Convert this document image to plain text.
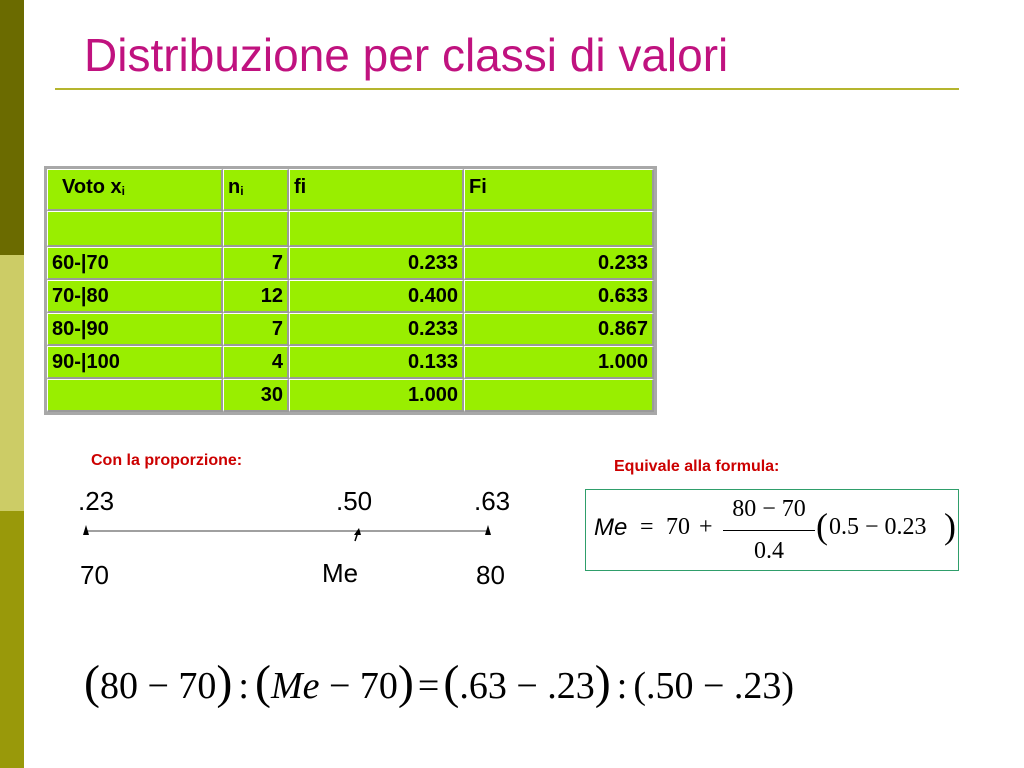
Distribuzione per classi di valori
Voto $x_i$	$n_i$	fi	Fi

60-|70	7	0.233	0.233
70-|80	12	0.400	0.633
80-|90	7	0.233	0.867
90-|100	4	0.133	1.000
	30	1.000	
Con la proporzione:
.23	.50	.63
70	Me	80
Equivale alla formula:
Me = 70 +
80 − 70
0.4
( 0.5 − 0.23 )
(80 − 70) : (Me − 70) =(.63 − .23) : (.50 − .23)
